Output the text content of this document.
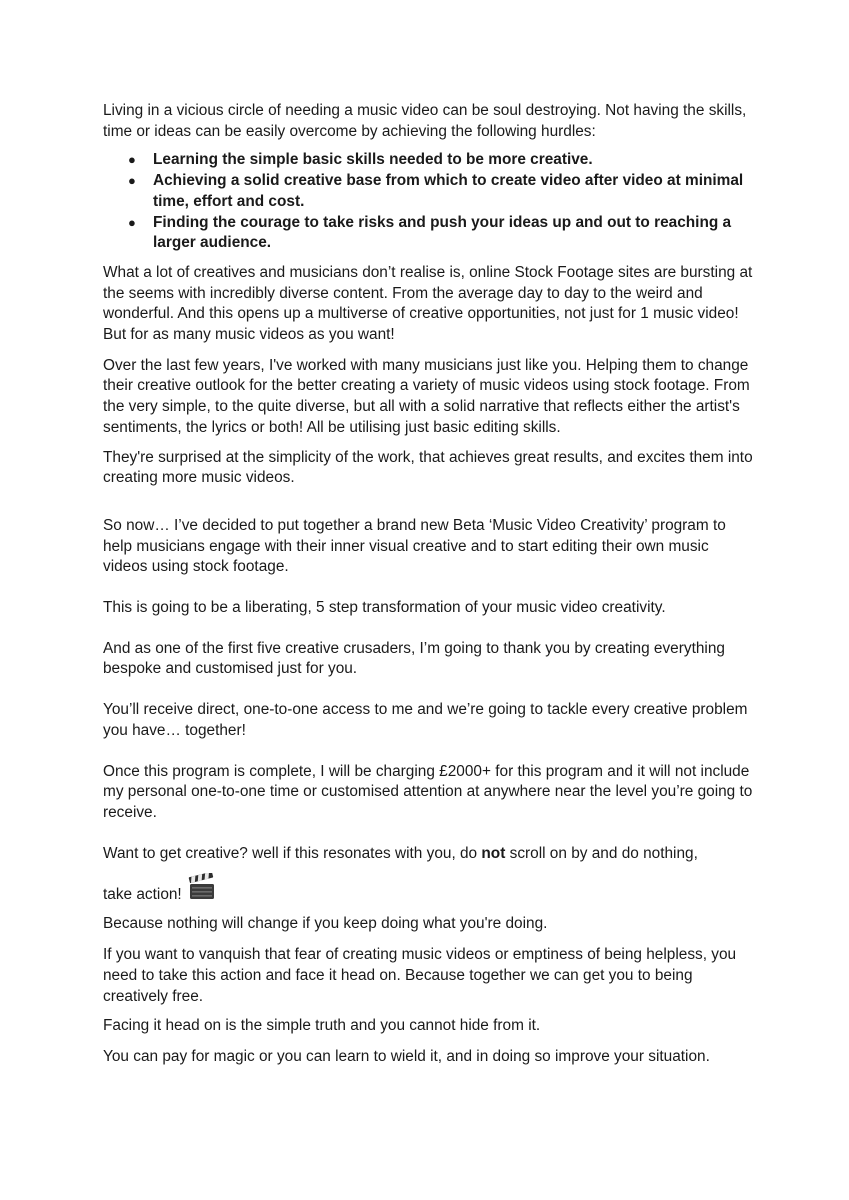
Living in a vicious circle of needing a music video can be soul destroying. Not having the skills, time or ideas can be easily overcome by achieving the following hurdles:

● Learning the simple basic skills needed to be more creative.
● Achieving a solid creative base from which to create video after video at minimal time, effort and cost.
● Finding the courage to take risks and push your ideas up and out to reaching a larger audience.

What a lot of creatives and musicians don’t realise is, online Stock Footage sites are bursting at the seems with incredibly diverse content. From the average day to day to the weird and wonderful. And this opens up a multiverse of creative opportunities, not just for 1 music video! But for as many music videos as you want!

Over the last few years, I've worked with many musicians just like you. Helping them to change their creative outlook for the better creating a variety of music videos using stock footage. From the very simple, to the quite diverse, but all with a solid narrative that reflects either the artist's sentiments, the lyrics or both! All be utilising just basic editing skills.

They're surprised at the simplicity of the work, that achieves great results, and excites them into creating more music videos.

So now… I’ve decided to put together a brand new Beta ‘Music Video Creativity’ program to help musicians engage with their inner visual creative and to start editing their own music videos using stock footage.

This is going to be a liberating, 5 step transformation of your music video creativity.

And as one of the first five creative crusaders, I’m going to thank you by creating everything bespoke and customised just for you.

You’ll receive direct, one-to-one access to me and we’re going to tackle every creative problem you have… together!

Once this program is complete, I will be charging £2000+ for this program and it will not include my personal one-to-one time or customised attention at anywhere near the level you’re going to receive.

Want to get creative? well if this resonates with you, do not scroll on by and do nothing,

take action!

Because nothing will change if you keep doing what you're doing.

If you want to vanquish that fear of creating music videos or emptiness of being helpless, you need to take this action and face it head on. Because together we can get you to being creatively free.

Facing it head on is the simple truth and you cannot hide from it.

You can pay for magic or you can learn to wield it, and in doing so improve your situation.
